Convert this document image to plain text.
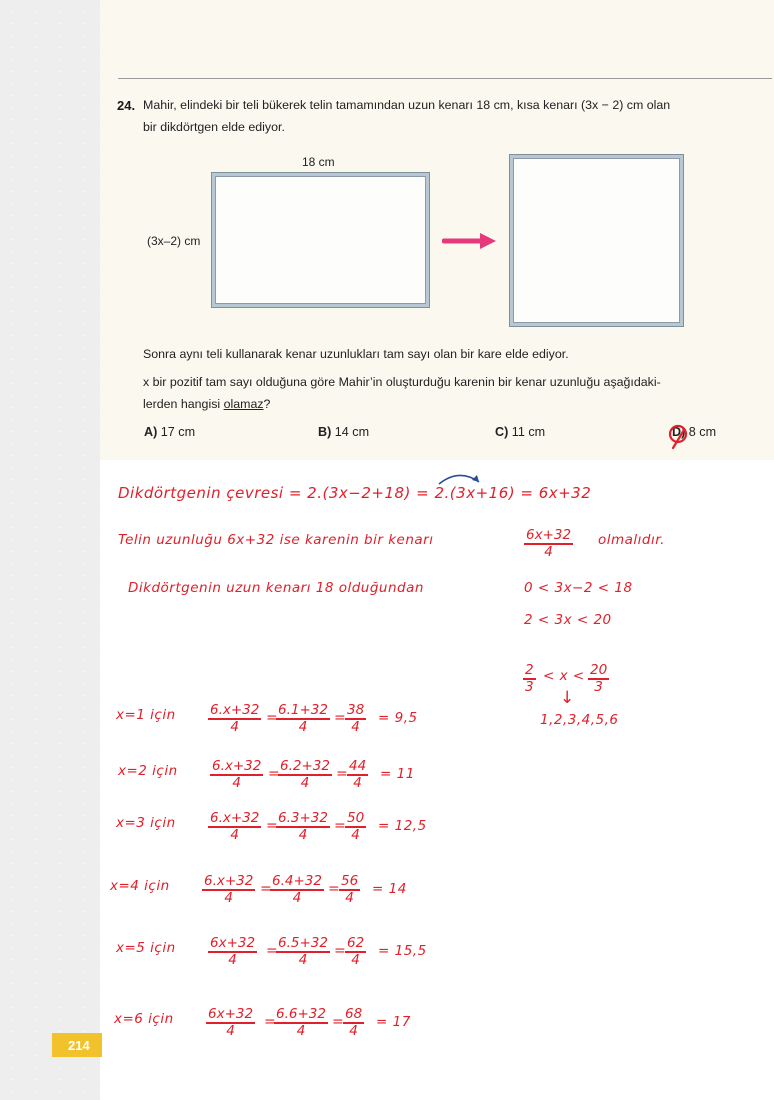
24. Mahir, elindeki bir teli bükerek telin tamamından uzun kenarı 18 cm, kısa kenarı (3x − 2) cm olan
bir dikdörtgen elde ediyor.
18 cm
(3x–2) cm
Sonra aynı teli kullanarak kenar uzunlukları tam sayı olan bir kare elde ediyor.
x bir pozitif tam sayı olduğuna göre Mahir’in oluşturduğu karenin bir kenar uzunluğu aşağıdaki-
lerden hangisi olamaz?
A) 17 cm	B) 14 cm	C) 11 cm	D) 8 cm
214
Dikdörtgenin çevresi = 2.(3x−2+18) = 2.(3x+16) = 6x+32
Telin uzunluğu 6x+32 ise karenin bir kenarı	$\frac{6x+32}{4}$ olmalıdır.
Dikdörtgenin uzun kenarı 18 olduğundan	0 < 3x−2 < 18
2 < 3x < 20
$\frac{2}{3} < x < \frac{20}{3}$
↓
1,2,3,4,5,6
x=1 için $\frac{6.x+32}{4}$ =
$\frac{6.1+32}{4} = \frac{38}{4} = 9,5$
x=2 için $\frac{6.x+32}{4}$ =
$\frac{6.2+32}{4} = \frac{44}{4} = 11$
x=3 için $\frac{6.x+32}{4}$ =
$\frac{6.3+32}{4} = \frac{50}{4} = 12,5$
x=4 için $\frac{6.x+32}{4}$ =
$\frac{6.4+32}{4} = \frac{56}{4} = 14$
x=5 için $\frac{6x+32}{4}$ =
$\frac{6.5+32}{4} = \frac{62}{4} = 15,5$
x=6 için $\frac{6x+32}{4}$ =
$\frac{6.6+32}{4} = \frac{68}{4} = 17$
